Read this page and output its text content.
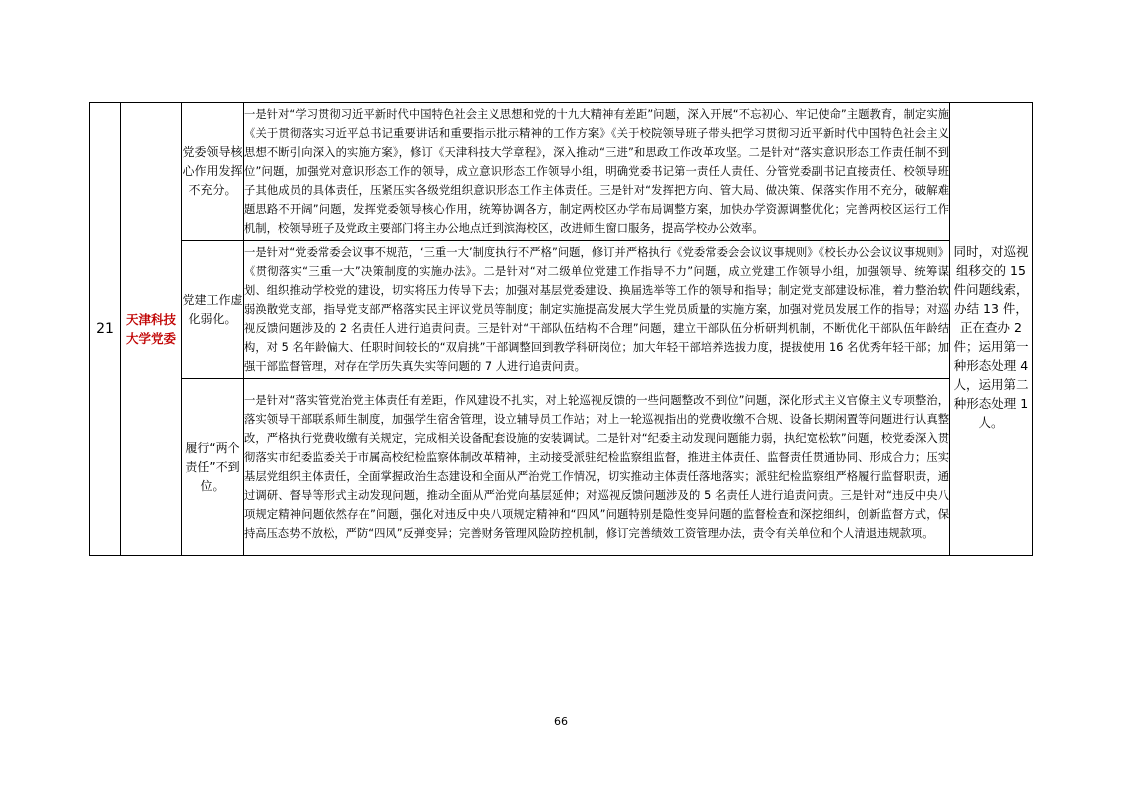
21	天津科技大学党委	党委领导核心作用发挥不充分。	一是针对“学习贯彻习近平新时代中国特色社会主义思想和党的十九大精神有差距”问题，深入开展“不忘初心、牢记使命”主题教育，制定实施《关于贯彻落实习近平总书记重要讲话和重要指示批示精神的工作方案》《关于校院领导班子带头把学习贯彻习近平新时代中国特色社会主义思想不断引向深入的实施方案》，修订《天津科技大学章程》，深入推动“三进”和思政工作改革攻坚。二是针对“落实意识形态工作责任制不到位”问题，加强党对意识形态工作的领导，成立意识形态工作领导小组，明确党委书记第一责任人责任、分管党委副书记直接责任、校领导班子其他成员的具体责任，压紧压实各级党组织意识形态工作主体责任。三是针对“发挥把方向、管大局、做决策、保落实作用不充分，破解难题思路不开阔”问题，发挥党委领导核心作用，统筹协调各方，制定两校区办学布局调整方案，加快办学资源调整优化；完善两校区运行工作机制，校领导班子及党政主要部门将主办公地点迁到滨海校区，改进师生窗口服务，提高学校办公效率。	同时，对巡视组移交的 15 件问题线索，办结 13 件，正在查办 2 件；运用第一种形态处理 4 人，运用第二种形态处理 1 人。

		党建工作虚化弱化。	一是针对“党委常委会议事不规范，‘三重一大’制度执行不严格”问题，修订并严格执行《党委常委会会议议事规则》《校长办公会议议事规则》《贯彻落实“三重一大”决策制度的实施办法》。二是针对“对二级单位党建工作指导不力”问题，成立党建工作领导小组，加强领导、统筹谋划、组织推动学校党的建设，切实将压力传导下去；加强对基层党委建设、换届选举等工作的领导和指导；制定党支部建设标准，着力整治软弱涣散党支部，指导党支部严格落实民主评议党员等制度；制定实施提高发展大学生党员质量的实施方案，加强对党员发展工作的指导；对巡视反馈问题涉及的 2 名责任人进行追责问责。三是针对“干部队伍结构不合理”问题，建立干部队伍分析研判机制，不断优化干部队伍年龄结构，对 5 名年龄偏大、任职时间较长的“双肩挑”干部调整回到教学科研岗位；加大年轻干部培养选拔力度，提拔使用 16 名优秀年轻干部；加强干部监督管理，对存在学历失真失实等问题的 7 人进行追责问责。	
		履行“两个责任”不到位。	一是针对“落实管党治党主体责任有差距，作风建设不扎实，对上轮巡视反馈的一些问题整改不到位”问题，深化形式主义官僚主义专项整治，落实领导干部联系师生制度，加强学生宿舍管理，设立辅导员工作站；对上一轮巡视指出的党费收缴不合规、设备长期闲置等问题进行认真整改，严格执行党费收缴有关规定，完成相关设备配套设施的安装调试。二是针对“纪委主动发现问题能力弱，执纪宽松软”问题，校党委深入贯彻落实市纪委监委关于市属高校纪检监察体制改革精神，主动接受派驻纪检监察组监督，推进主体责任、监督责任贯通协同、形成合力；压实基层党组织主体责任，全面掌握政治生态建设和全面从严治党工作情况，切实推动主体责任落地落实；派驻纪检监察组严格履行监督职责，通过调研、督导等形式主动发现问题，推动全面从严治党向基层延伸；对巡视反馈问题涉及的 5 名责任人进行追责问责。三是针对“违反中央八项规定精神问题依然存在”问题，强化对违反中央八项规定精神和“四风”问题特别是隐性变异问题的监督检查和深挖细纠，创新监督方式，保持高压态势不放松，严防“四风”反弹变异；完善财务管理风险防控机制，修订完善绩效工资管理办法，责令有关单位和个人清退违规款项。	
66
